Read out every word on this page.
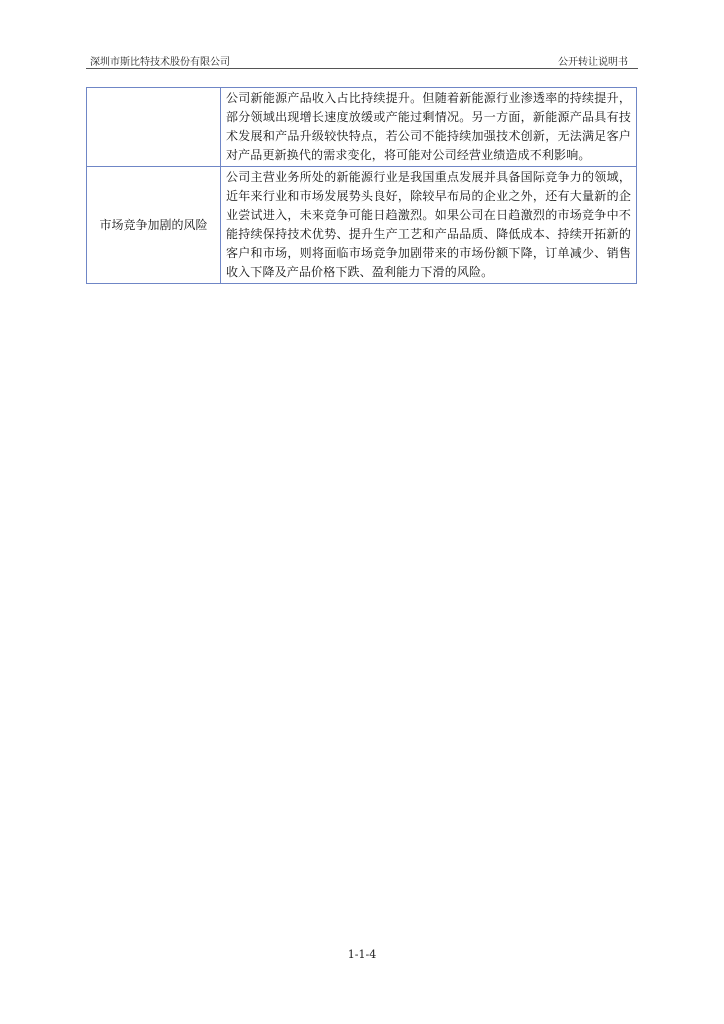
深圳市斯比特技术股份有限公司	公开转让说明书

	公司新能源产品收入占比持续提升。但随着新能源行业渗透率的持续提升，部分领域出现增长速度放缓或产能过剩情况。另一方面，新能源产品具有技术发展和产品升级较快特点，若公司不能持续加强技术创新，无法满足客户对产品更新换代的需求变化，将可能对公司经营业绩造成不利影响。

市场竞争加剧的风险	公司主营业务所处的新能源行业是我国重点发展并具备国际竞争力的领域，近年来行业和市场发展势头良好，除较早布局的企业之外，还有大量新的企业尝试进入，未来竞争可能日趋激烈。如果公司在日趋激烈的市场竞争中不能持续保持技术优势、提升生产工艺和产品品质、降低成本、持续开拓新的客户和市场，则将面临市场竞争加剧带来的市场份额下降，订单减少、销售收入下降及产品价格下跌、盈利能力下滑的风险。
1-1-4
